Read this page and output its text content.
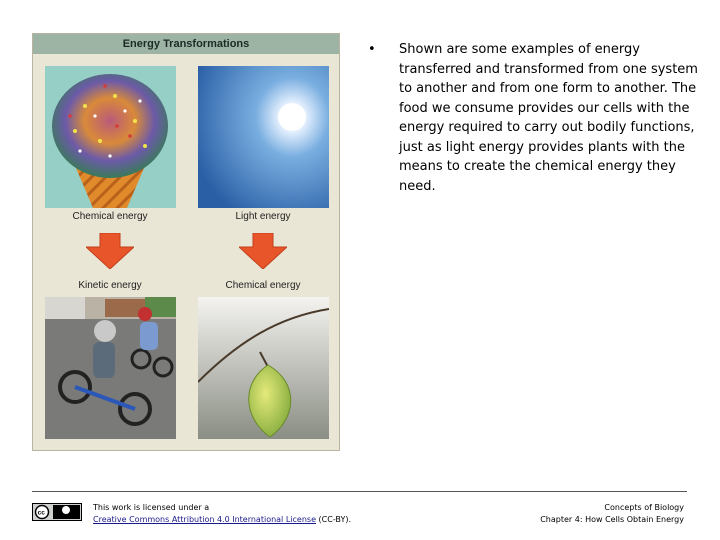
Energy Transformations
Chemical energy	Light energy
Kinetic energy	Chemical energy
• Shown are some examples of energy transferred and transformed from one system to another and from one form to another. The food we consume provides our cells with the energy required to carry out bodily functions, just as light energy provides plants with the means to create the chemical energy they need.
cc
This work is licensed under a
Creative Commons Attribution 4.0 International License (CC-BY).
Concepts of Biology
Chapter 4: How Cells Obtain Energy
